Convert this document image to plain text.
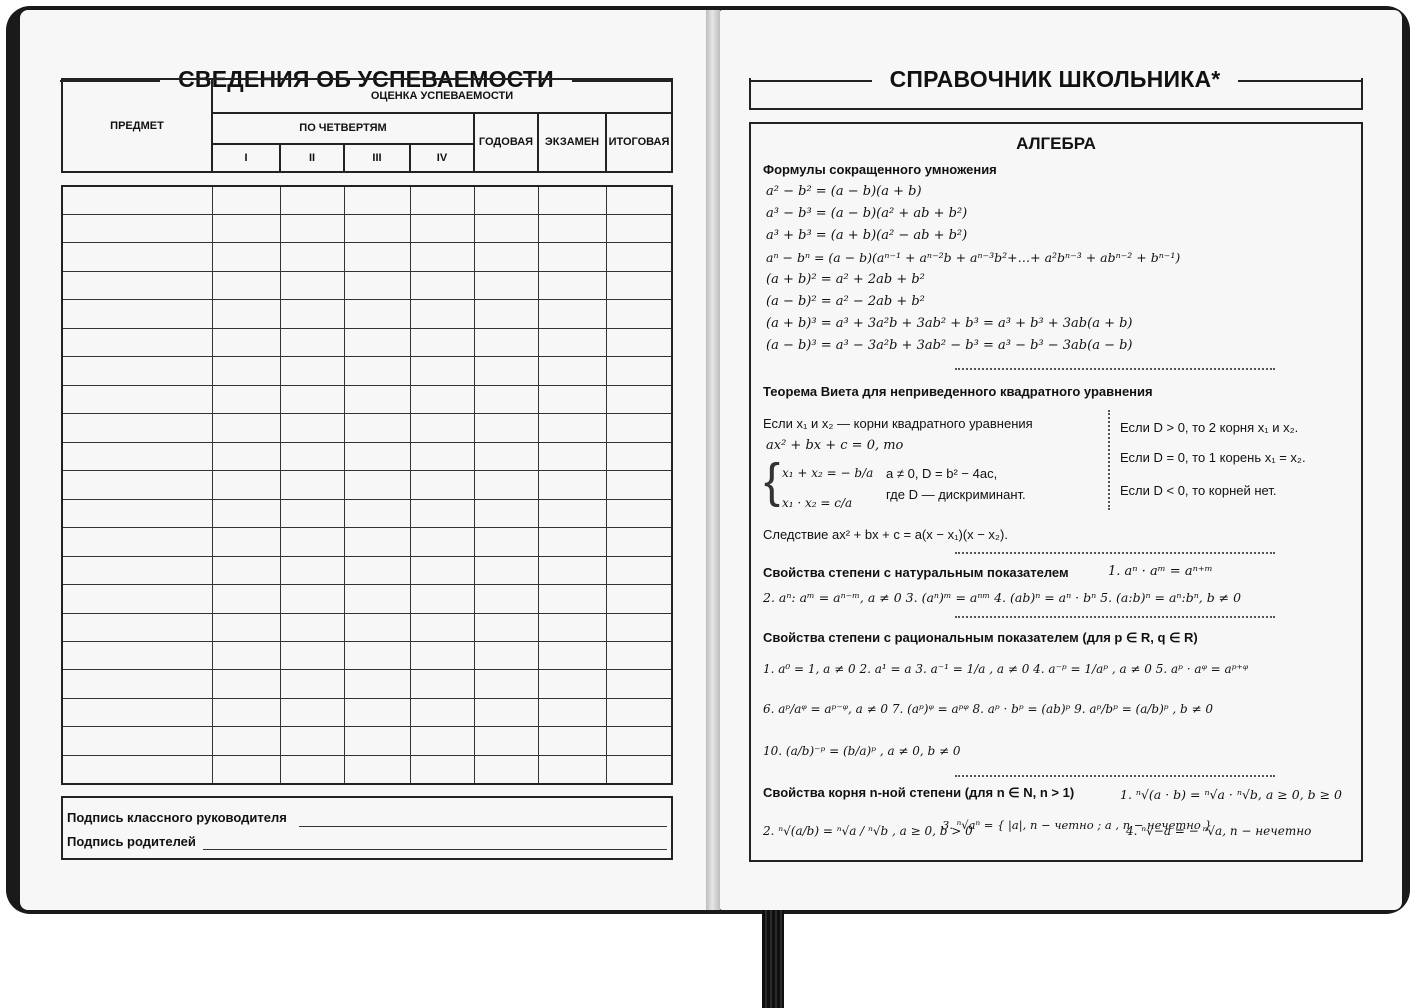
СВЕДЕНИЯ ОБ УСПЕВАЕМОСТИ
ПРЕДМЕТ	ОЦЕНКА УСПЕВАЕМОСТИ						
	ПО ЧЕТВЕРТЯМ				ГОДОВАЯ	ЭКЗАМЕН	ИТОГОВАЯ
	I	II	III	IV			

Подпись классного руководителя
Подпись родителей
СПРАВОЧНИК ШКОЛЬНИКА*
АЛГЕБРА
Формулы сокращенного умножения
a² − b² = (a − b)(a + b)
a³ − b³ = (a − b)(a² + ab + b²)
a³ + b³ = (a + b)(a² − ab + b²)
aⁿ − bⁿ = (a − b)(aⁿ⁻¹ + aⁿ⁻²b + aⁿ⁻³b²+…+ a²bⁿ⁻³ + abⁿ⁻² + bⁿ⁻¹)
(a + b)² = a² + 2ab + b²
(a − b)² = a² − 2ab + b²
(a + b)³ = a³ + 3a²b + 3ab² + b³ = a³ + b³ + 3ab(a + b)
(a − b)³ = a³ − 3a²b + 3ab² − b³ = a³ − b³ − 3ab(a − b)
Теорема Виета для неприведенного квадратного уравнения
Если x₁ и x₂ — корни квадратного уравнения
ax² + bx + c = 0, то
{ x₁ + x₂ = − b/a
x₁ · x₂ = c/a
a ≠ 0, D = b² − 4ac,
где D — дискриминант.
Следствие ax² + bx + c = a(x − x₁)(x − x₂).
Если D > 0, то 2 корня x₁ и x₂.
Если D = 0, то 1 корень x₁ = x₂.
Если D < 0, то корней нет.
Свойства степени с натуральным показателем	1. aⁿ · aᵐ = aⁿ⁺ᵐ
2. aⁿ: aᵐ = aⁿ⁻ᵐ, a ≠ 0 3. (aⁿ)ᵐ = aⁿᵐ 4. (ab)ⁿ = aⁿ · bⁿ 5. (a:b)ⁿ = aⁿ:bⁿ, b ≠ 0
Свойства степени с рациональным показателем (для p ∈ R, q ∈ R)
1. a⁰ = 1, a ≠ 0 2. a¹ = a 3. a⁻¹ = 1/a , a ≠ 0 4. a⁻ᵖ = 1/aᵖ , a ≠ 0 5. aᵖ · aᵠ = aᵖ⁺ᵠ
6. aᵖ/aᵠ = aᵖ⁻ᵠ, a ≠ 0 7. (aᵖ)ᵠ = aᵖᵠ 8. aᵖ · bᵖ = (ab)ᵖ 9. aᵖ/bᵖ = (a/b)ᵖ , b ≠ 0
10. (a/b)⁻ᵖ = (b/a)ᵖ , a ≠ 0, b ≠ 0
Свойства корня n-ной степени (для n ∈ N, n > 1)	1. ⁿ√(a · b) = ⁿ√a · ⁿ√b, a ≥ 0, b ≥ 0
2. ⁿ√(a/b) = ⁿ√a / ⁿ√b , a ≥ 0, b > 0
3. ⁿ√aⁿ = { |a|, n − четно ; a , n − нечетно }
4. ⁿ√−a = − ⁿ√a, n − нечетно
